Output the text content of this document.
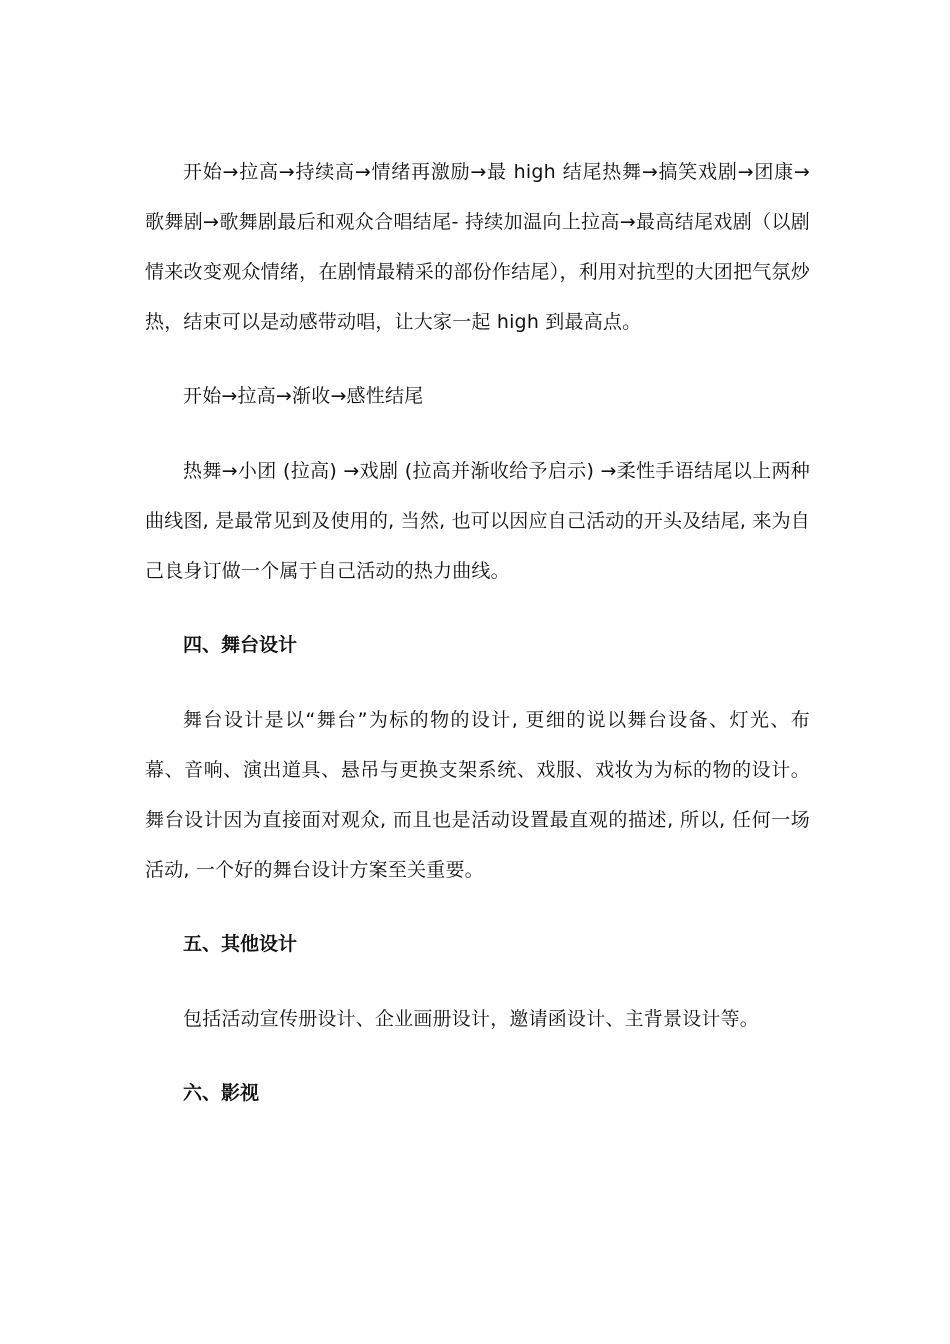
开始→拉高→持续高→情绪再激励→最 high 结尾热舞→搞笑戏剧→团康→歌舞剧→歌舞剧最后和观众合唱结尾- 持续加温向上拉高→最高结尾戏剧（以剧情来改变观众情绪，在剧情最精采的部份作结尾），利用对抗型的大团把气氛炒热，结束可以是动感带动唱，让大家一起 high 到最高点。

开始→拉高→渐收→感性结尾

热舞→小团 (拉高) →戏剧 (拉高并渐收给予启示) →柔性手语结尾以上两种曲线图, 是最常见到及使用的, 当然, 也可以因应自己活动的开头及结尾, 来为自己良身订做一个属于自己活动的热力曲线。

四、舞台设计

舞台设计是以“舞台”为标的物的设计, 更细的说以舞台设备、灯光、布幕、音响、演出道具、悬吊与更换支架系统、戏服、戏妆为为标的物的设计。舞台设计因为直接面对观众, 而且也是活动设置最直观的描述, 所以, 任何一场活动, 一个好的舞台设计方案至关重要。

五、其他设计

包括活动宣传册设计、企业画册设计，邀请函设计、主背景设计等。

六、影视
